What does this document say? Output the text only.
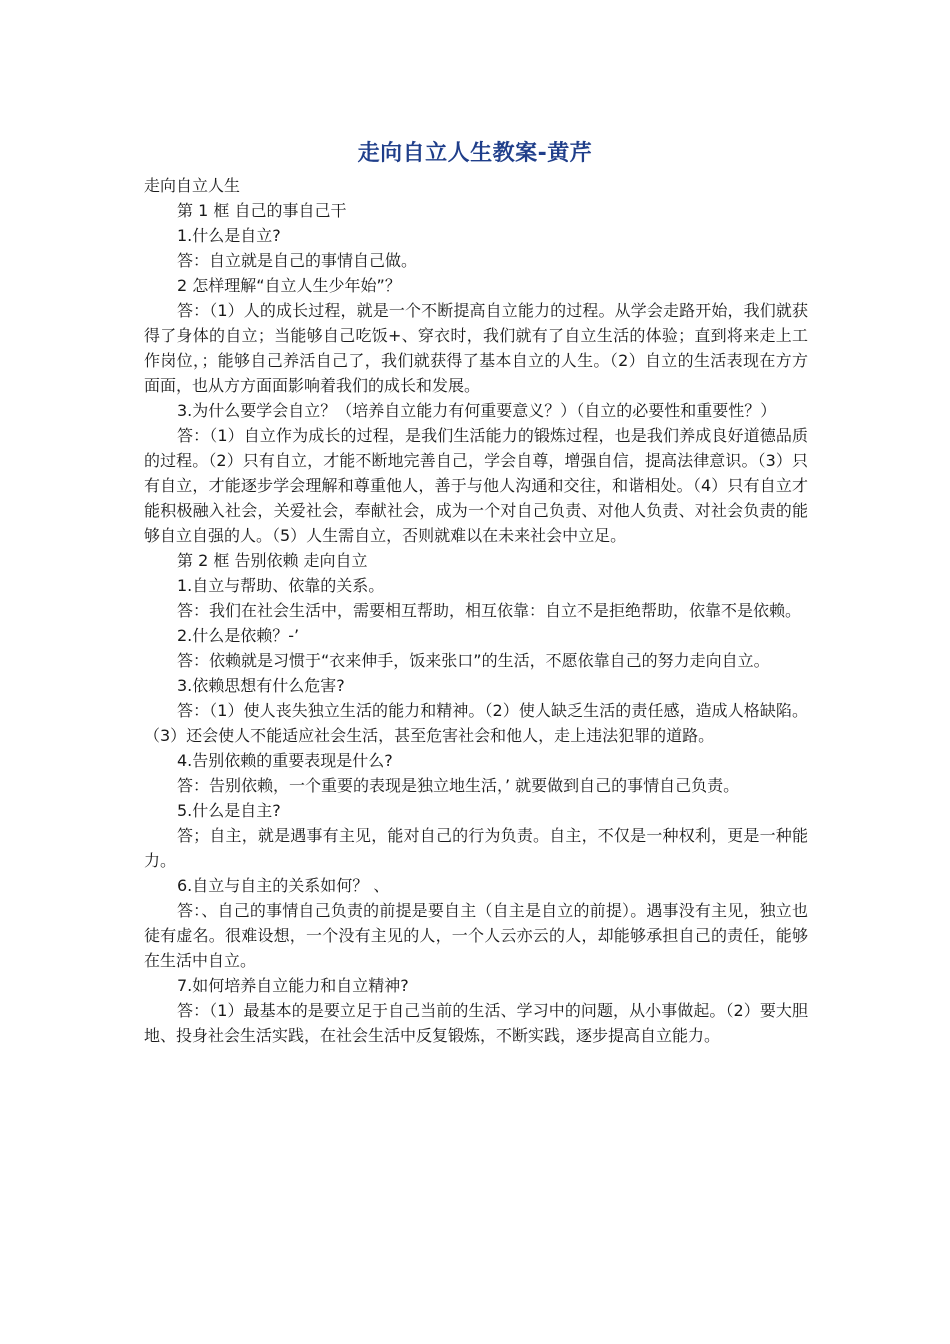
走向自立人生教案-黄芹

走向自立人生

第 1 框 自己的事自己干

1.什么是自立?

答：自立就是自己的事情自己做。

2 怎样理解“自立人生少年始”？

答：（1）人的成长过程，就是一个不断提高自立能力的过程。从学会走路开始，我们就获得了身体的自立；当能够自己吃饭+、穿衣时，我们就有了自立生活的体验；直到将来走上工作岗位，；能够自己养活自己了，我们就获得了基本自立的人生。（2）自立的生活表现在方方面面，也从方方面面影响着我们的成长和发展。

3.为什么要学会自立？（培养自立能力有何重要意义？）（自立的必要性和重要性？）

答：（1）自立作为成长的过程，是我们生活能力的锻炼过程，也是我们养成良好道德品质的过程。（2）只有自立，才能不断地完善自己，学会自尊，增强自信，提高法律意识。（3）只有自立，才能逐步学会理解和尊重他人，善于与他人沟通和交往，和谐相处。（4）只有自立才能积极融入社会，关爱社会，奉献社会，成为一个对自己负责、对他人负责、对社会负责的能够自立自强的人。（5）人生需自立，否则就难以在未来社会中立足。

第 2 框 告别依赖 走向自立

1.自立与帮助、依靠的关系。

答：我们在社会生活中，需要相互帮助，相互依靠：自立不是拒绝帮助，依靠不是依赖。

2.什么是依赖？-’

答：依赖就是习惯于“衣来伸手，饭来张口”的生活，不愿依靠自己的努力走向自立。

3.依赖思想有什么危害?

答：（1）使人丧失独立生活的能力和精神。（2）使人缺乏生活的责任感，造成人格缺陷。（3）还会使人不能适应社会生活，甚至危害社会和他人，走上违法犯罪的道路。

4.告别依赖的重要表现是什么?

答：告别依赖，一个重要的表现是独立地生活，’ 就要做到自己的事情自己负责。

5.什么是自主?

答；自主，就是遇事有主见，能对自己的行为负责。自主，不仅是一种权利，更是一种能力。

6.自立与自主的关系如何？ 、

答：、自己的事情自己负责的前提是要自主（自主是自立的前提）。遇事没有主见，独立也徒有虚名。很难设想，一个没有主见的人，一个人云亦云的人，却能够承担自己的责任，能够在生活中自立。

7.如何培养自立能力和自立精神?

答：（1）最基本的是要立足于自己当前的生活、学习中的问题，从小事做起。（2）要大胆地、投身社会生活实践，在社会生活中反复锻炼，不断实践，逐步提高自立能力。
